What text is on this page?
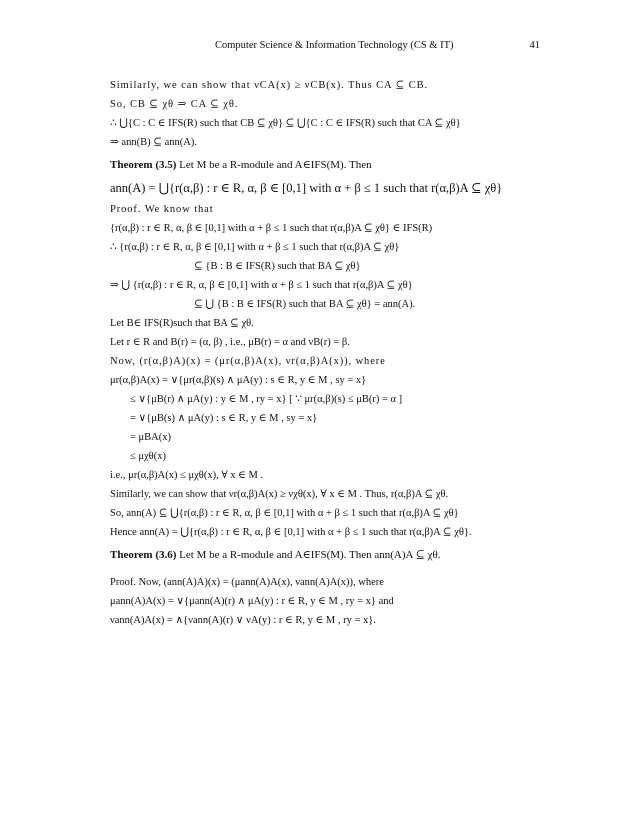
Computer Science & Information Technology (CS & IT)	41

Similarly, we can show that νCA(x) ≥ νCB(x). Thus CA ⊆ CB.

So, CB ⊆ χθ ⇒ CA ⊆ χθ.

∴ ⋃{C : C ∈ IFS(R) such that CB ⊆ χθ} ⊆ ⋃{C : C ∈ IFS(R) such that CA ⊆ χθ}

⇒ ann(B) ⊆ ann(A).

Theorem (3.5) Let M be a R-module and A∈IFS(M). Then

ann(A) = ⋃{r(α,β) : r ∈ R, α, β ∈ [0,1] with α + β ≤ 1 such that r(α,β)A ⊆ χθ}

Proof. We know that

{r(α,β) : r ∈ R, α, β ∈ [0,1] with α + β ≤ 1 such that r(α,β)A ⊆ χθ} ∈ IFS(R)

∴ {r(α,β) : r ∈ R, α, β ∈ [0,1] with α + β ≤ 1 such that r(α,β)A ⊆ χθ}

⊆ {B : B ∈ IFS(R) such that BA ⊆ χθ}

⇒ ⋃ {r(α,β) : r ∈ R, α, β ∈ [0,1] with α + β ≤ 1 such that r(α,β)A ⊆ χθ}

⊆ ⋃ {B : B ∈ IFS(R) such that BA ⊆ χθ} = ann(A).

Let B∈ IFS(R)such that BA ⊆ χθ.

Let r ∈ R and B(r) = (α, β) , i.e., μB(r) = α and νB(r) = β.

Now, (r(α,β)A)(x) = (μr(α,β)A(x), νr(α,β)A(x)), where

μr(α,β)A(x) = ∨{μr(α,β)(s) ∧ μA(y) : s ∈ R, y ∈ M , sy = x}

≤ ∨{μB(r) ∧ μA(y) : y ∈ M , ry = x} [ ∵ μr(α,β)(s) ≤ μB(r) = α ]

= ∨{μB(s) ∧ μA(y) : s ∈ R, y ∈ M , sy = x}

= μBA(x)

≤ μχθ(x)

i.e., μr(α,β)A(x) ≤ μχθ(x), ∀ x ∈ M .

Similarly, we can show that νr(α,β)A(x) ≥ νχθ(x), ∀ x ∈ M . Thus, r(α,β)A ⊆ χθ.

So, ann(A) ⊆ ⋃{r(α,β) : r ∈ R, α, β ∈ [0,1] with α + β ≤ 1 such that r(α,β)A ⊆ χθ}

Hence ann(A) = ⋃{r(α,β) : r ∈ R, α, β ∈ [0,1] with α + β ≤ 1 such that r(α,β)A ⊆ χθ}.

Theorem (3.6) Let M be a R-module and A∈IFS(M). Then ann(A)A ⊆ χθ.

Proof. Now, (ann(A)A)(x) = (μann(A)A(x), νann(A)A(x)), where

μann(A)A(x) = ∨{μann(A)(r) ∧ μA(y) : r ∈ R, y ∈ M , ry = x} and

νann(A)A(x) = ∧{νann(A)(r) ∨ νA(y) : r ∈ R, y ∈ M , ry = x}.
